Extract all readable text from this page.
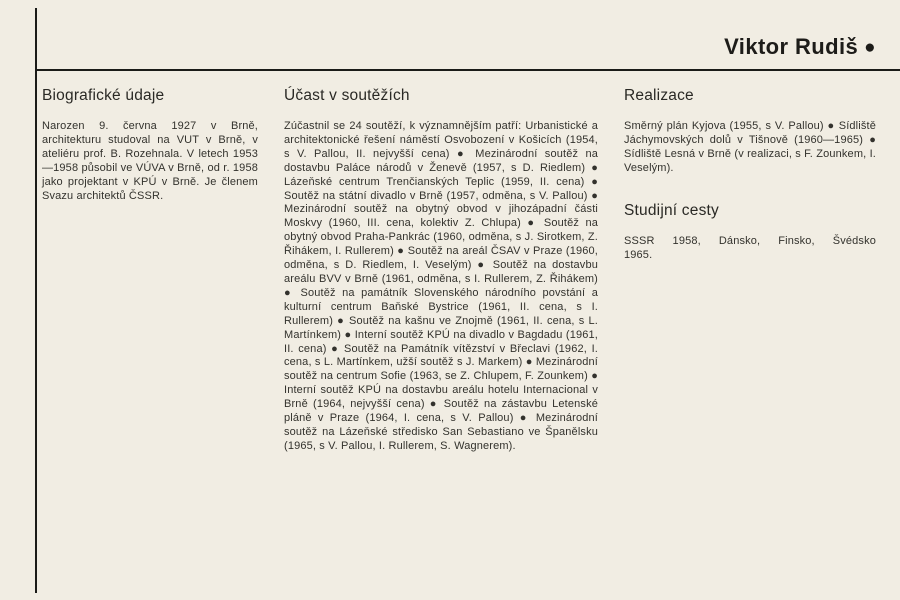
Viktor Rudiš ●
Biografické údaje

Narozen 9. června 1927 v Brně, architekturu studoval na VUT v Brně, v ateliéru prof. B. Rozehnala. V letech 1953—1958 působil ve VÚVA v Brně, od r. 1958 jako projektant v KPÚ v Brně. Je členem Svazu architektů ČSSR.

Účast v soutěžích

Zúčastnil se 24 soutěží, k významnějším patří: Urbanistické a architektonické řešení náměstí Osvobození v Košicích (1954, s V. Pallou, II. nejvyšší cena) ● Mezinárodní soutěž na dostavbu Paláce národů v Ženevě (1957, s D. Riedlem) ● Lázeňské centrum Trenčianských Teplic (1959, II. cena) ● Soutěž na státní divadlo v Brně (1957, odměna, s V. Pallou) ● Mezinárodní soutěž na obytný obvod v jihozápadní části Moskvy (1960, III. cena, kolektiv Z. Chlupa) ● Soutěž na obytný obvod Praha-Pankrác (1960, odměna, s J. Sirotkem, Z. Řihákem, I. Rullerem) ● Soutěž na areál ČSAV v Praze (1960, odměna, s D. Riedlem, I. Veselým) ● Soutěž na dostavbu areálu BVV v Brně (1961, odměna, s I. Rullerem, Z. Řihákem) ● Soutěž na památník Slovenského národního povstání a kulturní centrum Baňské Bystrice (1961, II. cena, s I. Rullerem) ● Soutěž na kašnu ve Znojmě (1961, II. cena, s L. Martínkem) ● Interní soutěž KPÚ na divadlo v Bagdadu (1961, II. cena) ● Soutěž na Památník vítězství v Břeclavi (1962, I. cena, s L. Martínkem, užší soutěž s J. Markem) ● Mezinárodní soutěž na centrum Sofie (1963, se Z. Chlupem, F. Zounkem) ● Interní soutěž KPÚ na dostavbu areálu hotelu Internacional v Brně (1964, nejvyšší cena) ● Soutěž na zástavbu Letenské pláně v Praze (1964, I. cena, s V. Pallou) ● Mezinárodní soutěž na Lázeňské středisko San Sebastiano ve Španělsku (1965, s V. Pallou, I. Rullerem, S. Wagnerem).

Realizace

Směrný plán Kyjova (1955, s V. Pallou) ● Sídliště Jáchymovských dolů v Tišnově (1960—1965) ● Sídliště Lesná v Brně (v realizaci, s F. Zounkem, I. Veselým).

Studijní cesty

SSSR 1958, Dánsko, Finsko, Švédsko 1965.
